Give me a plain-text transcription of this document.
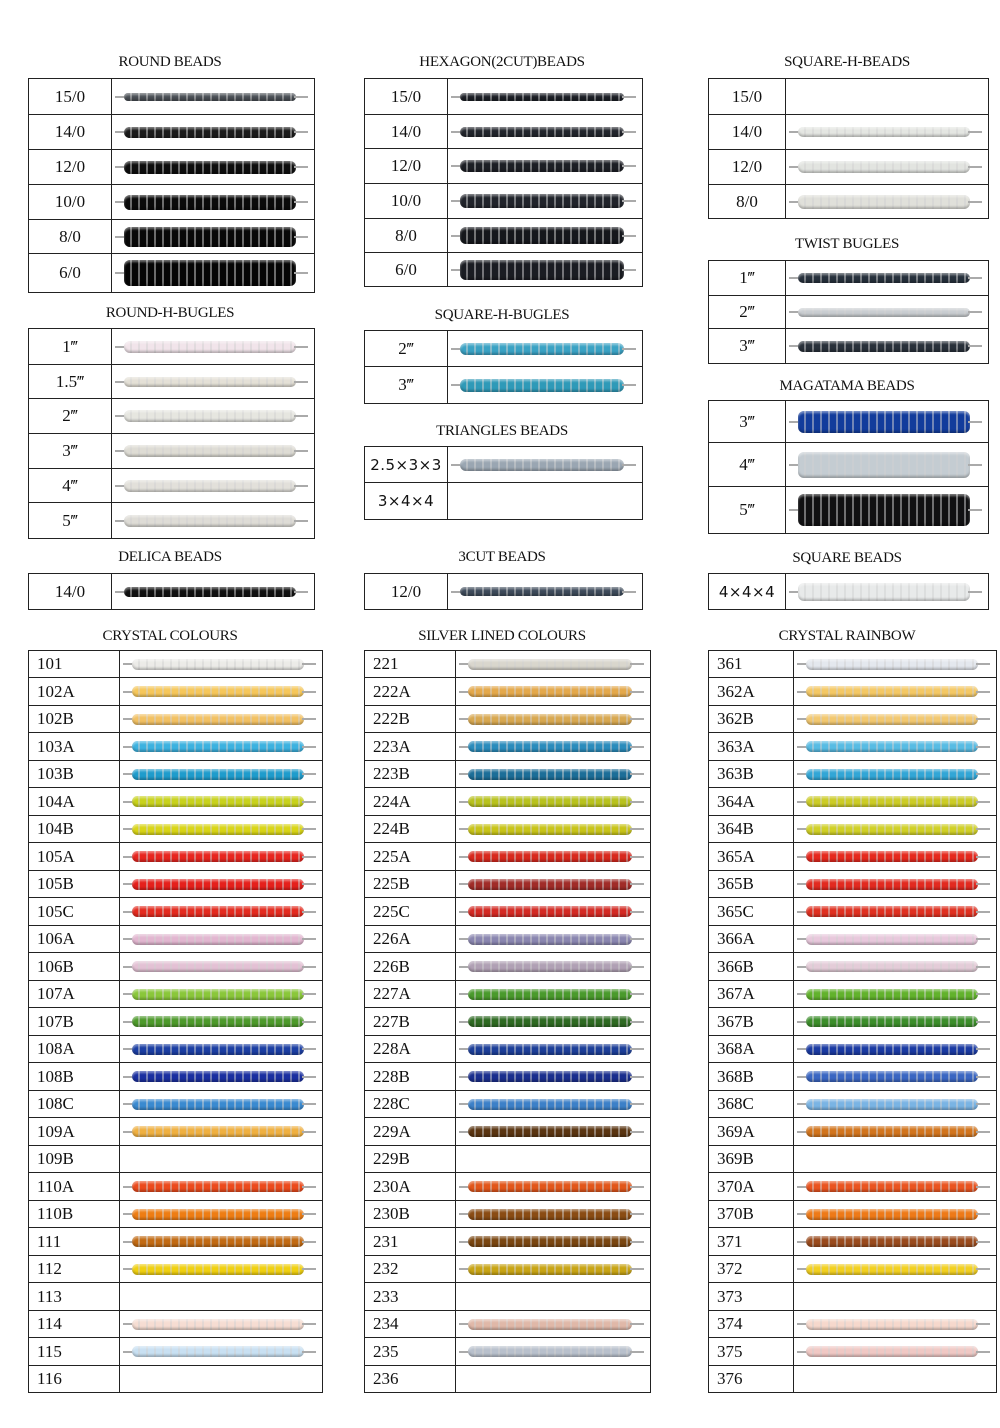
ROUND BEADS
15/0	

14/0	

12/0	

10/0	

8/0	

6/0	
ROUND-H-BUGLES
1‴	

1.5‴	

2‴	

3‴	

4‴	

5‴	
DELICA BEADS
14/0	
CRYSTAL COLOURS
101	

102A	

102B	

103A	

103B	

104A	

104B	

105A	

105B	

105C	

106A	

106B	

107A	

107B	

108A	

108B	

108C	

109A	

109B	
110A	

110B	

111	

112	

113	
114	

115	

116	
HEXAGON(2CUT)BEADS
15/0	

14/0	

12/0	

10/0	

8/0	

6/0	
SQUARE-H-BUGLES
2‴	

3‴	
TRIANGLES BEADS
2.5×3×3	

3×4×4	
3CUT BEADS
12/0	
SILVER LINED COLOURS
221	

222A	

222B	

223A	

223B	

224A	

224B	

225A	

225B	

225C	

226A	

226B	

227A	

227B	

228A	

228B	

228C	

229A	

229B	
230A	

230B	

231	

232	

233	
234	

235	

236	
SQUARE-H-BEADS
15/0	
14/0	

12/0	

8/0	
TWIST BUGLES
1‴	

2‴	

3‴	
MAGATAMA BEADS
3‴	

4‴	

5‴	
SQUARE BEADS
4×4×4	
CRYSTAL RAINBOW
361	

362A	

362B	

363A	

363B	

364A	

364B	

365A	

365B	

365C	

366A	

366B	

367A	

367B	

368A	

368B	

368C	

369A	

369B	
370A	

370B	

371	

372	

373	
374	

375	

376	
